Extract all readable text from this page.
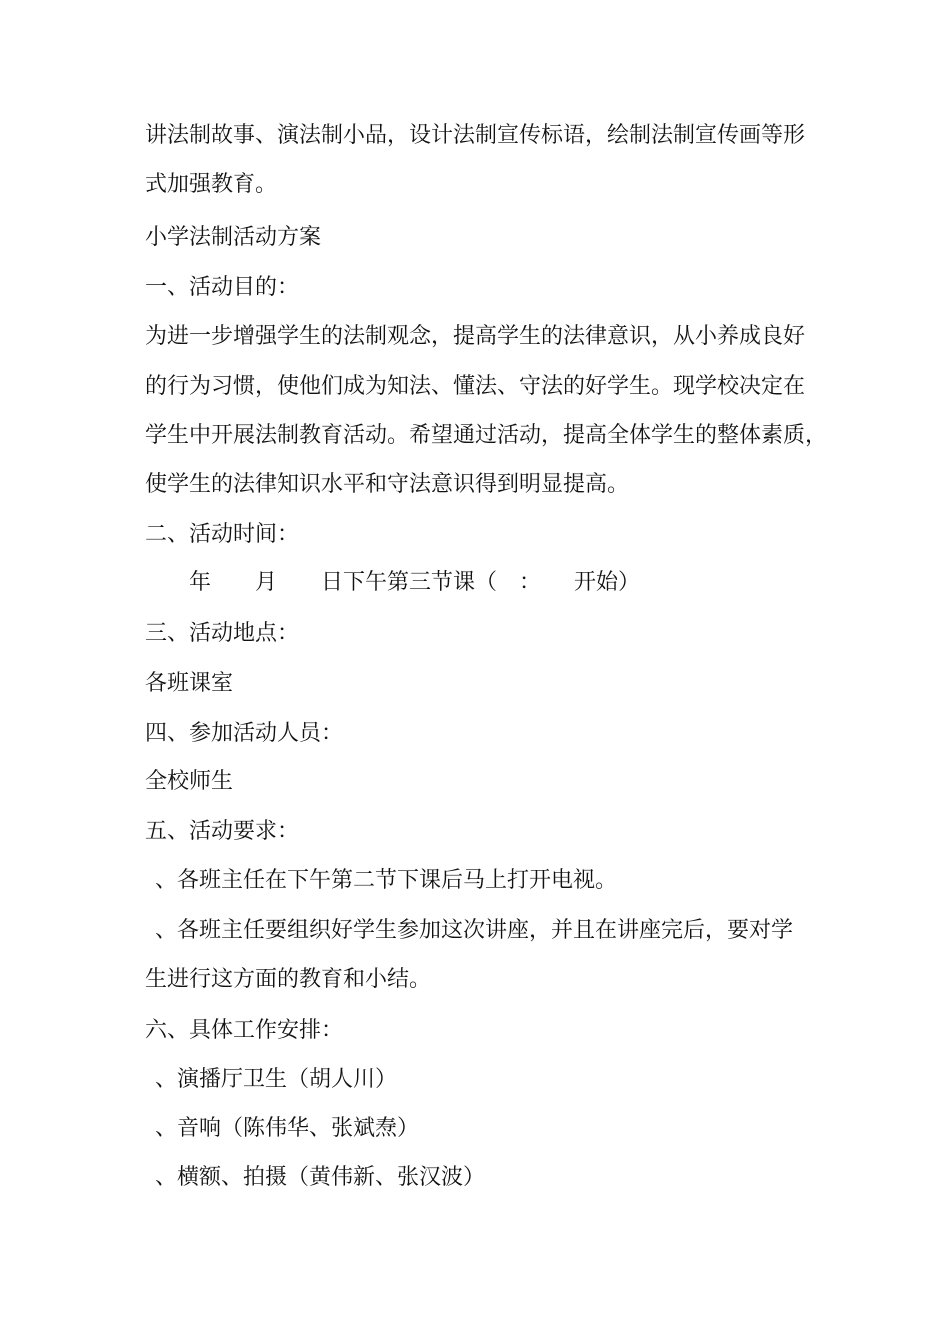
讲法制故事、演法制小品，设计法制宣传标语，绘制法制宣传画等形
式加强教育。
小学法制活动方案
一、活动目的：
为进一步增强学生的法制观念，提高学生的法律意识，从小养成良好
的行为习惯，使他们成为知法、懂法、守法的好学生。现学校决定在
学生中开展法制教育活动。希望通过活动，提高全体学生的整体素质，
使学生的法律知识水平和守法意识得到明显提高。
二、活动时间：
　　年　　月　　日下午第三节课（　：　　开始）
三、活动地点：
各班课室
四、参加活动人员：
全校师生
五、活动要求：
、各班主任在下午第二节下课后马上打开电视。
、各班主任要组织好学生参加这次讲座，并且在讲座完后，要对学
生进行这方面的教育和小结。
六、具体工作安排：
、演播厅卫生（胡人川）
、音响（陈伟华、张斌焘）
、横额、拍摄（黄伟新、张汉波）
